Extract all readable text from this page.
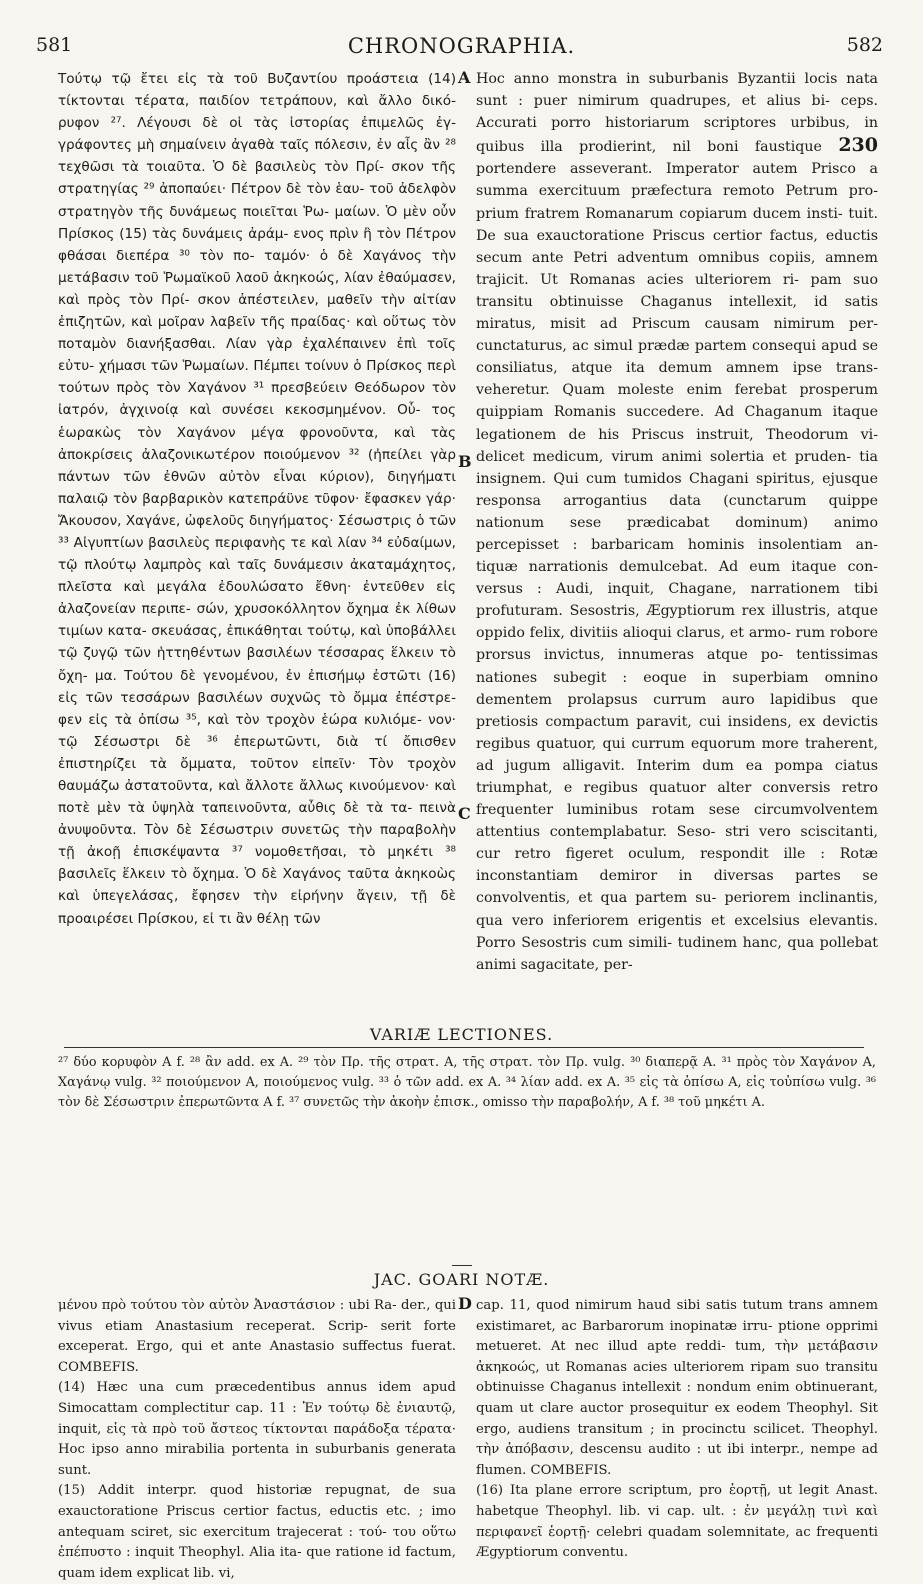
581	CHRONOGRAPHIA.	582
A
B
C
D

Τούτῳ τῷ ἔτει εἰς τὰ τοῦ Βυζαντίου προάστεια (14) τίκτονται τέρατα, παιδίον τετράπουν, καὶ ἄλλο δικό- ρυφον ²⁷. Λέγουσι δὲ οἱ τὰς ἱστορίας ἐπιμελῶς ἐγ- γράφοντες μὴ σημαίνειν ἀγαθὰ ταῖς πόλεσιν, ἐν αἷς ἂν ²⁸ τεχθῶσι τὰ τοιαῦτα. Ὁ δὲ βασιλεὺς τὸν Πρί- σκον τῆς στρατηγίας ²⁹ ἀποπαύει· Πέτρον δὲ τὸν ἑαυ- τοῦ ἀδελφὸν στρατηγὸν τῆς δυνάμεως ποιεῖται Ῥω- μαίων. Ὁ μὲν οὖν Πρίσκος (15) τὰς δυνάμεις ἀράμ- ενος πρὶν ἢ τὸν Πέτρον φθάσαι διεπέρα ³⁰ τὸν πο- ταμόν· ὁ δὲ Χαγάνος τὴν μετάβασιν τοῦ Ῥωμαϊκοῦ λαοῦ ἀκηκοώς, λίαν ἐθαύμασεν, καὶ πρὸς τὸν Πρί- σκον ἀπέστειλεν, μαθεῖν τὴν αἰτίαν ἐπιζητῶν, καὶ μοῖραν λαβεῖν τῆς πραίδας· καὶ οὕτως τὸν ποταμὸν διανήξασθαι. Λίαν γὰρ ἐχαλέπαινεν ἐπὶ τοῖς εὐτυ- χήμασι τῶν Ῥωμαίων. Πέμπει τοίνυν ὁ Πρίσκος περὶ τούτων πρὸς τὸν Χαγάνον ³¹ πρεσβεύειν Θεόδωρον τὸν ἰατρόν, ἀγχινοίᾳ καὶ συνέσει κεκοσμημένον. Οὗ- τος ἑωρακὼς τὸν Χαγάνον μέγα φρονοῦντα, καὶ τὰς ἀποκρίσεις ἀλαζονικωτέρον ποιούμενον ³² (ἠπείλει γὰρ πάντων τῶν ἐθνῶν αὐτὸν εἶναι κύριον), διηγήματι παλαιῷ τὸν βαρβαρικὸν κατεπράϋνε τῦφον· ἔφασκεν γάρ· Ἄκουσον, Χαγάνε, ὠφελοῦς διηγήματος· Σέσωστρις ὁ τῶν ³³ Αἰγυπτίων βασιλεὺς περιφανὴς τε καὶ λίαν ³⁴ εὐδαίμων, τῷ πλούτῳ λαμπρὸς καὶ ταῖς δυνάμεσιν ἀκαταμάχητος, πλεῖστα καὶ μεγάλα ἐδουλώσατο ἔθνη· ἐντεῦθεν εἰς ἀλαζονείαν περιπε- σών, χρυσοκόλλητον ὄχημα ἐκ λίθων τιμίων κατα- σκευάσας, ἐπικάθηται τούτῳ, καὶ ὑποβάλλει τῷ ζυγῷ τῶν ἡττηθέντων βασιλέων τέσσαρας ἕλκειν τὸ ὄχη- μα. Τούτου δὲ γενομένου, ἐν ἐπισήμῳ ἐστῶτι (16) εἰς τῶν τεσσάρων βασιλέων συχνῶς τὸ ὄμμα ἐπέστρε- φεν εἰς τὰ ὀπίσω ³⁵, καὶ τὸν τροχὸν ἑώρα κυλιόμε- νον· τῷ Σέσωστρι δὲ ³⁶ ἐπερωτῶντι, διὰ τί ὄπισθεν ἐπιστηρίζει τὰ ὄμματα, τοῦτον εἰπεῖν· Τὸν τροχὸν θαυμάζω ἀστατοῦντα, καὶ ἄλλοτε ἄλλως κινούμενον· καὶ ποτὲ μὲν τὰ ὑψηλὰ ταπεινοῦντα, αὖθις δὲ τὰ τα- πεινὰ ἀνυψοῦντα. Τὸν δὲ Σέσωστριν συνετῶς τὴν παραβολὴν τῇ ἀκοῇ ἐπισκέψαντα ³⁷ νομοθετῆσαι, τὸ μηκέτι ³⁸ βασιλεῖς ἕλκειν τὸ ὄχημα. Ὁ δὲ Χαγάνος ταῦτα ἀκηκοὼς καὶ ὑπεγελάσας, ἔφησεν τὴν εἰρήνην ἄγειν, τῇ δὲ προαιρέσει Πρίσκου, εἰ τι ἂν θέλῃ τῶν

Hoc anno monstra in suburbanis Byzantii locis nata sunt : puer nimirum quadrupes, et alius bi- ceps. Accurati porro historiarum scriptores urbibus, in quibus illa prodierint, nil boni faustique 230 portendere asseverant. Imperator autem Prisco a summa exercituum præfectura remoto Petrum pro- prium fratrem Romanarum copiarum ducem insti- tuit. De sua exauctoratione Priscus certior factus, eductis secum ante Petri adventum omnibus copiis, amnem trajicit. Ut Romanas acies ulteriorem ri- pam suo transitu obtinuisse Chaganus intellexit, id satis miratus, misit ad Priscum causam nimirum per- cunctaturus, ac simul prædæ partem consequi apud se consiliatus, atque ita demum amnem ipse trans- veheretur. Quam moleste enim ferebat prosperum quippiam Romanis succedere. Ad Chaganum itaque legationem de his Priscus instruit, Theodorum vi- delicet medicum, virum animi solertia et pruden- tia insignem. Qui cum tumidos Chagani spiritus, ejusque responsa arrogantius data (cunctarum quippe nationum sese prædicabat dominum) animo percepisset : barbaricam hominis insolentiam an- tiquæ narrationis demulcebat. Ad eum itaque con- versus : Audi, inquit, Chagane, narrationem tibi profuturam. Sesostris, Ægyptiorum rex illustris, atque oppido felix, divitiis alioqui clarus, et armo- rum robore prorsus invictus, innumeras atque po- tentissimas nationes subegit : eoque in superbiam omnino dementem prolapsus currum auro lapidibus que pretiosis compactum paravit, cui insidens, ex devictis regibus quatuor, qui currum equorum more traherent, ad jugum alligavit. Interim dum ea pompa ciatus triumphat, e regibus quatuor alter conversis retro frequenter luminibus rotam sese circumvolventem attentius contemplabatur. Seso- stri vero sciscitanti, cur retro figeret oculum, respondit ille : Rotæ inconstantiam demiror in diversas partes se convolventis, et qua partem su- periorem inclinantis, qua vero inferiorem erigentis et excelsius elevantis. Porro Sesostris cum simili- tudinem hanc, qua pollebat animi sagacitate, per-

VARIÆ LECTIONES.

²⁷ δύο κορυφὸν A f. ²⁸ ἂν add. ex A. ²⁹ τὸν Πρ. τῆς στρατ. A, τῆς στρατ. τὸν Πρ. vulg. ³⁰ διαπερᾷ A. ³¹ πρὸς τὸν Χαγάνον A, Χαγάνῳ vulg. ³² ποιούμενον A, ποιούμενος vulg. ³³ ὁ τῶν add. ex A. ³⁴ λίαν add. ex A. ³⁵ εἰς τὰ ὀπίσω A, εἰς τοὐπίσω vulg. ³⁶ τὸν δὲ Σέσωστριν ἐπερωτῶντα A f. ³⁷ συνετῶς τὴν ἀκοὴν ἐπισκ., omisso τὴν παραβολήν, A f. ³⁸ τοῦ μηκέτι A.

JAC. GOARI NOTÆ.

μένου πρὸ τούτου τὸν αὐτὸν Ἀναστάσιον : ubi Ra- der., qui vivus etiam Anastasium receperat. Scrip- serit forte exceperat. Ergo, qui et ante Anastasio suffectus fuerat. COMBEFIS.

(14) Hæc una cum præcedentibus annus idem apud Simocattam complectitur cap. 11 : Ἐν τούτῳ δὲ ἐνιαυτῷ, inquit, εἰς τὰ πρὸ τοῦ ἄστεος τίκτονται παράδοξα τέρατα· Hoc ipso anno mirabilia portenta in suburbanis generata sunt.

(15) Addit interpr. quod historiæ repugnat, de sua exauctoratione Priscus certior factus, eductis etc. ; imo antequam sciret, sic exercitum trajecerat : τού- του οὕτω ἐπέπυστο : inquit Theophyl. Alia ita- que ratione id factum, quam idem explicat lib. vi,

cap. 11, quod nimirum haud sibi satis tutum trans amnem existimaret, ac Barbarorum inopinatæ irru- ptione opprimi metueret. At nec illud apte reddi- tum, τὴν μετάβασιν ἀκηκοώς, ut Romanas acies ulteriorem ripam suo transitu obtinuisse Chaganus intellexit : nondum enim obtinuerant, quam ut clare auctor prosequitur ex eodem Theophyl. Sit ergo, audiens transitum ; in procinctu scilicet. Theophyl. τὴν ἀπόβασιν, descensu audito : ut ibi interpr., nempe ad flumen. COMBEFIS.

(16) Ita plane errore scriptum, pro ἑορτῇ, ut legit Anast. habetque Theophyl. lib. vi cap. ult. : ἐν μεγάλῃ τινὶ καὶ περιφανεῖ ἑορτῇ· celebri quadam solemnitate, ac frequenti Ægyptiorum conventu.
